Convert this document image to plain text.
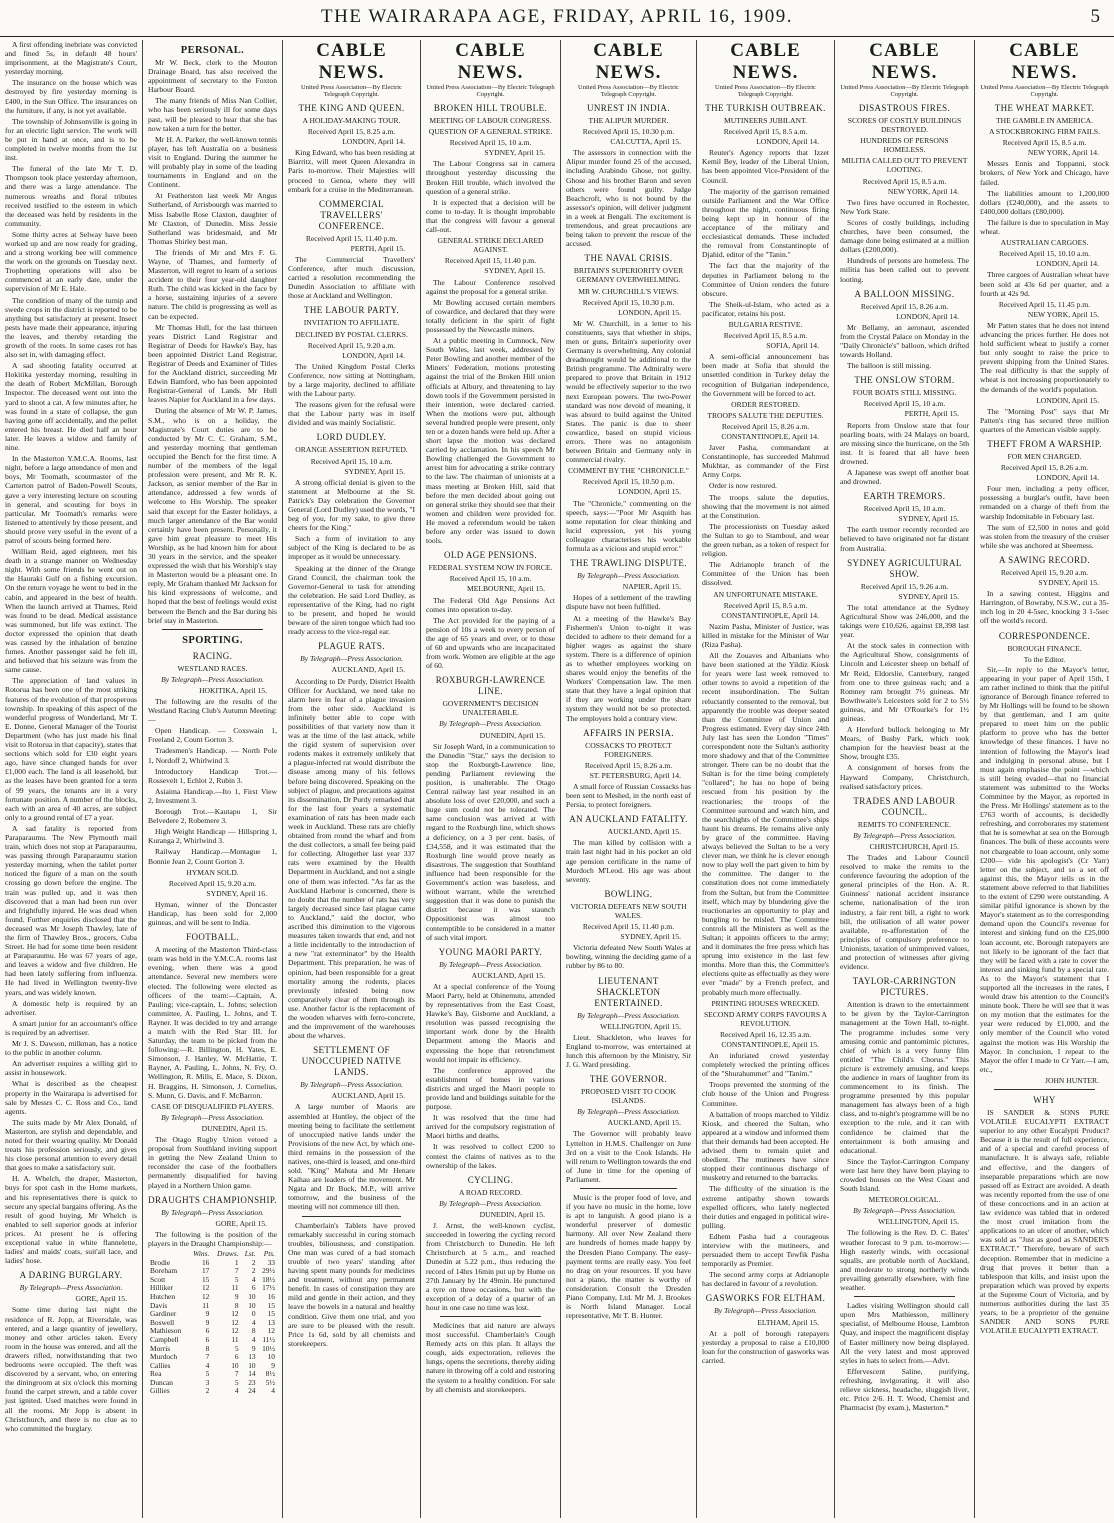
THE WAIRARAPA AGE, FRIDAY, APRIL 16, 1909.	5

A first offending inebriate was convicted and fined 5s, in default 48 hours' imprisonment, at the Magistrate's Court, yesterday morning.

The insurance on the house which was destroyed by fire yesterday morning is £400, in the Sun Office. The insurances on the furniture, if any, is not yet available.

The township of Johnsonville is going in for an electric light service. The work will be put in hand at once, and is to be completed in twelve months from the 1st inst.

The funeral of the late Mr T. D. Thompson took place yesterday afternoon, and there was a large attendance. The numerous wreaths and floral tributes received testified to the esteem in which the deceased was held by residents in the community.

Some thirty acres at Selway have been worked up and are now ready for grading, and a strong working bee will commence the work on the grounds on Tuesday next. Trophetting operations will also be commenced at an early date, under the supervision of Mr E. Hale.

The condition of many of the turnip and swede crops in the district is reported to be anything but satisfactory at present. Insect pests have made their appearance, injuring the leaves, and thereby retarding the growth of the roots. In some cases rot has also set in, with damaging effect.

A sad shooting fatality occurred at Hokitika yesterday morning, resulting in the death of Robert McMillan, Borough Inspector. The deceased went out into the yard to shoot a cat. A few minutes after, he was found in a state of collapse, the gun having gone off accidentally, and the pellet entered his breast. He died half an hour later. He leaves a widow and family of nine.

In the Masterton Y.M.C.A. Rooms, last night, before a large attendance of men and boys, Mr Toomath, scoutmaster of the Carterton patrol of Baden-Powell Scouts, gave a very interesting lecture on scouting in general, and scouting for boys in particular. Mr Toomath's remarks were listened to attentively by those present, and should prove very useful in the event of a patrol of scouts being formed here.

William Reid, aged eighteen, met his death in a strange manner on Wednesday night. With some friends he went out on the Hauraki Gulf on a fishing excursion. On the return voyage he went to bed in the cabin, and appeared in the best of health. When the launch arrived at Thames, Reid was found to be dead. Medical assistance was summoned, but life was extinct. The doctor expressed the opinion that death was caused by the inhalation of benzine fumes. Another passenger said he felt ill, and believed that his seizure was from the same cause.

The appreciation of land values in Rotorua has been one of the most striking features of the evolution of that prosperous township. In speaking of this aspect of the wonderful progress of Wonderland, Mr T. E. Donne, General Manager of the Tourist Department (who has just made his final visit to Rotorua in that capacity), states that sections which sold for £30 eight years ago, have since changed hands for over £1,000 each. The land is all leasehold, but as the leases have been granted for a term of 99 years, the tenants are in a very fortunate position. A number of the blocks, each with an area of 40 acres, are subject only to a ground rental of £7 a year.

A sad fatality is reported from Paraparaumu. The New Plymouth mail train, which does not stop at Paraparaumu, was passing through Paraparaumu station yesterday morning, when the tablet porter noticed the figure of a man on the south crossing go down before the engine. The train was pulled up, and it was then discovered that a man had been run over and frightfully injured. He was dead when found. Further enquiries disclosed that the deceased was Mr Joseph Thawley, late of the firm of Thawley Bros., grocers, Cuba Street. He had for some time been resident at Paraparaumu. He was 67 years of age, and leaves a widow and five children. He had been lately suffering from influenza. He had lived in Wellington twenty-five years, and was widely known.

A domestic help is required by an advertiser.

A smart junior for an accountant's office is required by an advertiser.

Mr J. S. Dawson, milkman, has a notice to the public in another column.

An advertiser requires a willing girl to assist in housework.

What is described as the cheapest property in the Wairarapa is advertised for sale by Messrs C. C. Ross and Co., land agents.

The suits made by Mr Alex Donald, of Masterton, are stylish and dependable, and noted for their wearing quality. Mr Donald treats his profession seriously, and gives his close personal attention to every detail that goes to make a satisfactory suit.

H. A. Whelch, the draper, Masterton, buys for spot cash in the Home markets, and his representatives there is quick to secure any special bargains offering. As the result of good buying, Mr Whelch is enabled to sell superior goods at inferior prices. At present he is offering exceptional value in white flannelette, ladies' and maids' coats, suit'all lace, and ladies' hose.

A DARING BURGLARY.
By Telegraph—Press Association.
GORE, April 15.

Some time during last night the residence of R. Jopp, at Riversdale, was entered, and a large quantity of jewellery, money and other articles taken. Every room in the house was entered, and all the drawers rifled, notwithstanding that two bedrooms were occupied. The theft was discovered by a servant, who, on entering the diningroom at six o'clock this morning found the carpet strewn, and a table cover just ignited. Used matches were found in all the rooms. Mr Jopp is absent in Christchurch, and there is no clue as to who committed the burglary.

PERSONAL.

Mr W. Beck, clerk to the Mouton Drainage Board, has also received the appointment of secretary to the Foxton Harbour Board.

The many friends of Miss Nan Collier, who has been seriously ill for some days past, will be pleased to hear that she has now taken a turn for the better.

Mr H. A. Parker, the well-known tennis player, has left Australia on a business visit to England. During the summer he will probably play in some of the leading tournaments in England and on the Continent.

At Featherston last week Mr Angus Sutherland, of Arrisbourgh was married to Miss Isabelle Rose Claxton, daughter of Mr Claxton, of Dunedin. Miss Jessie Sutherland was bridesmaid, and Mr Thomas Shirley best man.

The friends of Mr and Mrs F. G. Wayne, of Thames, and formerly of Masterton, will regret to learn of a serious accident to their four year-old daughter Ruth. The child was kicked in the face by a horse, sustaining injuries of a severe nature. The child is progressing as well as can be expected.

Mr Thomas Hull, for the last thirteen years District Land Registrar and Registrar of Deeds for Hawke's Bay, has been appointed District Land Registrar, Registrar of Deeds and Examiner of Titles for the Auckland district, succeeding Mr Edwin Bamford, who has been appointed Registrar-General of Lands. Mr Hull leaves Napier for Auckland in a few days.

During the absence of Mr W. P. James, S.M., who is on a holiday, the Magistrate's Court duties are to be conducted by Mr C. C. Graham, S.M., and yesterday morning that gentleman occupied the Bench for the first time. A number of the members of the legal profession were present, and Mr R. K. Jackson, as senior member of the Bar in attendance, addressed a few words of welcome to His Worship. The speaker said that except for the Easter holidays, a much larger attendance of the Bar would certainly have been present. Personally, it gave him great pleasure to meet His Worship, as he had known him for about 30 years in the service, and the speaker expressed the wish that his Worship's stay in Masterton would be a pleasant one. In reply, Mr Graham thanked Mr Jackson for his kind expressions of welcome, and hoped that the best of feelings would exist between the Bench and the Bar during his brief stay in Masterton.

SPORTING.
RACING.
WESTLAND RACES.
By Telegraph—Press Association.
HOKITIKA, April 15.

The following are the results of the Westland Racing Club's Autumn Meeting:—

Open Handicap. — Coxswain 1, Freeland 2, Count Gorton 3.

Tradesmen's Handicap. — North Pole 1, Nordoff 2, Whirlwind 3.

Introductory Handicap Trot.—Rossevelt 1, Echlot 2, Rubin 3.

Asiaima Handicap.—Ito 1, First View 2, Investment 3.

Borough Trot.—Kautapu 1, Sir Belvedere 2, Robemere 3.

High Weight Handicap — Hillspring 1, Kuranga 2, Whirlwind 3.

Railway Handicap.—Montague 1, Bonnie Jean 2, Count Gorton 3.

HYMAN SOLD.
Received April 15, 9.20 a.m.
SYDNEY, April 16.

Hyman, winner of the Doncaster Handicap, has been sold for 2,000 guineas, and will be sent to India.

FOOTBALL.

A meeting of the Masterton Third-class team was held in the Y.M.C.A. rooms last evening, when there was a good attendance. Several new members were elected. The following were elected as officers of the team:—Captain, A. Pauling; vice-captain, L. Johns; selection committee, A. Pauling, L. Johns, and T. Rayner. It was decided to try and arrange a match with the Red Star III. for Saturday, the team to be picked from the following:—R. Billington, H. Yates, E. Simonson, J. Hanley, W. McHattie, T. Rayner, A. Pauling, L. Johns, N. Fry, O. Wellington, R. Mills, E. Mace, S. Dixon, H. Braggins, H. Simonson, J. Cornelius, S. Munn, G. Davis, and F. McBarron.

CASE OF DISQUALIFIED PLAYERS.
By Telegraph—Press Association.
DUNEDIN, April 15.

The Otago Rugby Union vetoed a proposal from Southland inviting support in getting the New Zealand Union to reconsider the case of the footballers permanently disqualified for having played in a Northern Union game.

DRAUGHTS CHAMPIONSHIP.
By Telegraph—Press Association.
GORE, April 15.

The following is the position of the players in the Draught Championship:—

	Wins.	Draws.	Lst.	Pts.
Brodie	16	1	2	33
Boreham	17	7	2	29½
Scott	15	5	4	18½
Hilliker	12	11	6	17½
Hutchen	12	9	10	16
Davis	11	8	10	15
Gardiner	9	12	0	15
Boswell	9	12	4	13
Mathieson	6	12	8	12
Campbell	6	11	4	11½
Morris	8	5	9	10½
Murdoch	7	6	13	10
Callies	4	10	10	9
Rea	5	7	14	8½
Duncan	3	5	23	5½
Gillies	2	4	24	4
CABLE NEWS.
United Press Association—By Electric Telegraph Copyright.
THE KING AND QUEEN.
A HOLIDAY-MAKING TOUR.
Received April 15, 8.25 a.m.
LONDON, April 14.

King Edward, who has been residing at Biarritz, will meet Queen Alexandra in Paris to-morrow. Their Majesties will proceed to Genoa, where they will embark for a cruise in the Mediterranean.

COMMERCIAL TRAVELLERS' CONFERENCE.
Received April 15, 11.40 p.m.
PERTH, April 15.

The Commercial Travellers' Conference, after much discussion, carried a resolution recommending the Dunedin Association to affiliate with those at Auckland and Wellington.

THE LABOUR PARTY.
INVITATION TO AFFILIATE.
DECLINED BY POSTAL CLERKS.
Received April 15, 9.20 a.m.
LONDON, April 14.

The United Kingdom Postal Clerks Conference, now sitting at Nottingham, by a large majority, declined to affiliate with the Labour party.

The reasons given for the refusal were that the Labour party was in itself divided and was mainly Socialistic.

LORD DUDLEY.
ORANGE ASSERTION REFUTED.
Received April 15, 10 a.m.
SYDNEY, April 15.

A strong official denial is given to the statement at Melbourne at the St. Patrick's Day celebration the Governor General (Lord Dudley) used the words, "I beg of you, for my sake, to give three cheers for the King."

Such a form of invitation to any subject of the King is declared to be as improper as it would be unnecessary.

Speaking at the dinner of the Orange Grand Council, the chairman took the Governor-General to task for attending the celebration. He said Lord Dudley, as representative of the King, had no right to be present, and hoped he would beware of the siren tongue which had too ready access to the vice-regal ear.

PLAGUE RATS.
By Telegraph—Press Association.
AUCKLAND, April 15.

According to Dr Purdy, District Health Officer for Auckland, we need take no alarm here in fear of a plague invasion from the other side. Auckland is infinitely better able to cope with possibilities of that variety now than it was at the time of the last attack, while the rigid system of supervision over rodents makes it extremely unlikely that a plague-infected rat would distribute the disease among many of his fellows before being discovered. Speaking on the subject of plague, and precautions against its dissemination, Dr Purdy remarked that for the last four years a systematic examination of rats has been made each week in Auckland. These rats are chiefly obtained from round the wharf and from the dust collectors, a small fee being paid for collecting. Altogether last year 337 rats were examined by the Health Department in Auckland, and not a single one of them was infected. "As far as the Auckland Harbour is concerned, there is no doubt that the number of rats has very largely decreased since last plague came to Auckland," said the doctor, who ascribed this diminution to the vigorous measures taken towards that end, and not a little incidentally to the introduction of a new "rat exterminator" by the Health Department. This preparation, he was of opinion, had been responsible for a great mortality among the rodents, places previously infested being now comparatively clear of them through its use. Another factor is the replacement of the wooden wharves with ferro-concrete, and the improvement of the warehouses about the wharves.

SETTLEMENT OF UNOCCUPIED NATIVE LANDS.
By Telegraph—Press Association.
AUCKLAND, April 15.

A large number of Maoris are assembled at Huntley, the object of the meeting being to facilitate the settlement of unoccupied native lands under the Provisions of the new Act, by which one-third remains in the possession of the natives, one-third is leased, and one-third sold. "King" Mahuta and Mr Henare Kaihau are leaders of the movement. Mr Ngata and Dr Buck, M.P., will arrive tomorrow, and the business of the meeting will not commence till then.

Chamberlain's Tablets have proved remarkably successful in curing stomach troubles, biliousness, and constipation. One man was cured of a bad stomach trouble of two years' standing after having spent many pounds for medicines and treatment, without any permanent benefit. In cases of constipation they are mild and gentle in their action, and they leave the bowels in a natural and healthy condition. Give them one trial, and you are sure to be pleased with the result. Price 1s 6d, sold by all chemists and storekeepers.

CABLE NEWS.
United Press Association—By Electric Telegraph Copyright.
BROKEN HILL TROUBLE.
MEETING OF LABOUR CONGRESS.
QUESTION OF A GENERAL STRIKE.
Received April 15, 10 a.m.
SYDNEY, April 15.

The Labour Congress sat in camera throughout yesterday discussing the Broken Hill trouble, which involved the question of a general strike.

It is expected that a decision will be come to to-day. It is thought improbable that the congress will favour a general call-out.

GENERAL STRIKE DECLARED AGAINST.
Received April 15, 11.40 p.m.
SYDNEY, April 15.

The Labour Conference resolved against the proposal for a general strike.

Mr Bowling accused certain members of cowardice, and declared that they were totally deficient in the spirit of fight possessed by the Newcastle miners.

At a public meeting in Cumnock, New South Wales, last week, addressed by Peter Bowling and another member of the Miners' Federation, motions protesting against the trial of the Broken Hill union officials at Albury, and threatening to lay down tools if the Government persisted in their intention, were declared carried. When the motions were put, although several hundred people were present, only ten or a dozen hands were held up. After a short lapse the motion was declared carried by acclamation. In his speech Mr Bowling challenged the Government to arrest him for advocating a strike contrary to the law. The chairman of unionists at a mass meeting at Broken Hill, said that before the men decided about going out on general strike they should see that their women and children were provided for. He moved a referendum would be taken before any order was issued to down tools.

OLD AGE PENSIONS.
FEDERAL SYSTEM NOW IN FORCE.
Received April 15, 10 a.m.
MELBOURNE, April 15.

The Federal Old Age Pensions Act comes into operation to-day.

The Act provided for the paying of a pension of 10s a week to every person of the age of 65 years and over, or to those of 60 and upwards who are incapacitated from work. Women are eligible at the age of 60.

ROXBURGH-LAWRENCE LINE.
GOVERNMENT'S DECISION UNALTERABLE.
By Telegraph—Press Association.
DUNEDIN, April 15.

Sir Joseph Ward, in a communication to the Dunedin "Star," says the decision to stop the Roxburgh-Lawrence line, pending Parliament reviewing the position, is unalterable. The Otago Central railway last year resulted in an absolute loss of over £20,000, and such a huge sum could not be tolerated. The same conclusion was arrived at with regard to the Roxburgh line, which shows a deficiency, on a 3 per cent. basis, of £34,558, and it was estimated that the Roxburgh line would prove nearly as disastrous. The suggestion that Southland influence had been responsible for the Government's action was baseless, and without warrant, while the wretched suggestion that it was done to punish the district because it was staunch Oppositionist was almost too contemptible to be considered in a matter of such vital import.

YOUNG MAORI PARTY.
By Telegraph—Press Association.
AUCKLAND, April 15.

At a special conference of the Young Maori Party, held at Ohinemutu, attended by representatives from the East Coast, Hawke's Bay, Gisborne and Auckland, a resolution was passed recognising the important work done by the Health Department among the Maoris and expressing the hope that retrenchment would not impair its efficiency.

The conference approved the establishment of homes in various districts and urged the Maori people to provide land and buildings suitable for the purpose.

It was resolved that the time had arrived for the compulsory registration of Maori births and deaths.

It was resolved to collect £200 to contest the claims of natives as to the ownership of the lakes.

CYCLING.
A ROAD RECORD.
By Telegraph—Press Association.
DUNEDIN, April 15.

J. Arnst, the well-known cyclist, succeeded in lowering the cycling record from Christchurch to Dunedin. He left Christchurch at 5 a.m., and reached Dunedin at 5.22 p.m., thus reducing the record of 14hrs 16min put up by Hume on 27th January by 1hr 49min. He punctured a tyre on three occasions, but with the exception of a delay of a quarter of an hour in one case no time was lost.

Medicines that aid nature are always most successful. Chamberlain's Cough Remedy acts on this plan. It allays the cough, aids expectoration, relieves the lungs, opens the secretions, thereby aiding nature in throwing off a cold and restoring the system to a healthy condition. For sale by all chemists and storekeepers.

CABLE NEWS.
United Press Association—By Electric Telegraph Copyright.
UNREST IN INDIA.
THE ALIPUR MURDER.
Received April 15, 10.30 p.m.
CALCUTTA, April 15.

The assessors in connection with the Alipur murder found 25 of the accused, including Arabindo Ghose, not guilty. Ghose and his brother Baron and seven others were found guilty. Judge Beachcroft, who is not bound by the assessor's opinion, will deliver judgment in a week at Bengali. The excitement is tremendous, and great precautions are being taken to prevent the rescue of the accused.

THE NAVAL CRISIS.
BRITAIN'S SUPERIORITY OVER GERMANY OVERWHELMING.
MR W. CHURCHILL'S VIEWS.
Received April 15, 10.30 p.m.
LONDON, April 15.

Mr W. Churchill, in a letter to his constituents, says that whether in ships, men or guns, Britain's superiority over Germany is overwhelming. Any colonial dreadnought would be additional to the British programme. The Admiralty were prepared to prove that Britain in 1912 would be effectively superior to the two next European powers. The two-Power standard was now devoid of meaning, it was absurd to build against the United States. The panic is due to sheer cowardice, based on stupid vicious errors. There was no antagonism between Britain and Germany only in commercial rivalry.

COMMENT BY THE "CHRONICLE."
Received April 15, 10.50 p.m.
LONDON, April 15.

The "Chronicle," commenting on the speech, says:—"Poor Mr Asquith has some reputation for clear thinking and lucid expression, yet his young colleague characterises his workable formula as a vicious and stupid error."

THE TRAWLING DISPUTE.
By Telegraph—Press Association.
NAPIER, April 15.

Hopes of a settlement of the trawling dispute have not been fulfilled.

At a meeting of the Hawke's Bay Fishermen's Union to-night it was decided to adhere to their demand for a higher wages as against the share system. There is a difference of opinion as to whether employees working on shares would enjoy the benefits of the Workers' Compensation law. The men state that they have a legal opinion that if they are working under the share system they would not be so protected. The employers hold a contrary view.

AFFAIRS IN PERSIA.
COSSACKS TO PROTECT FOREIGNERS.
Received April 15, 8.26 a.m.
ST. PETERSBURG, April 14.

A small force of Russian Cossacks has been sent to Meshed, in the north east of Persia, to protect foreigners.

AN AUCKLAND FATALITY.
AUCKLAND, April 15.

The man killed by collision with a train last night had in his pocket an old age pension certificate in the name of Murdoch M'Leod. His age was about seventy.

BOWLING.
VICTORIA DEFEATS NEW SOUTH WALES.
Received April 15, 11.40 p.m.
SYDNEY, April 15.

Victoria defeated New South Wales at bowling, winning the deciding game of a rubber by 86 to 80.

LIEUTENANT SHACKLETON ENTERTAINED.
By Telegraph—Press Association.
WELLINGTON, April 15.

Lieut. Shackleton, who leaves for England to-morrow, was entertained at lunch this afternoon by the Ministry, Sir J. G. Ward presiding.

THE GOVERNOR.
PROPOSED VISIT TO COOK ISLANDS.
By Telegraph—Press Association.
AUCKLAND, April 15.

The Governor will probably leave Lyttelton in H.M.S. Challenger on June 3rd on a visit to the Cook Islands. He will return to Wellington towards the end of June in time for the opening of Parliament.

Music is the proper food of love, and if you have no music in the home, love is apt to languish. A good piano is a wonderful preserver of domestic harmony. All over New Zealand there are hundreds of homes made happy by the Dresden Piano Company. The easy-payment terms are really easy. You feel no drag on your resources. If you have not a piano, the matter is worthy of consideration. Consult the Dresden Piano Company, Ltd. Mr M. J. Brookes is North Island Manager. Local representative, Mr T. B. Hunter.

CABLE NEWS.
United Press Association—By Electric Telegraph Copyright.
THE TURKISH OUTBREAK.
MUTINEERS JUBILANT.
Received April 15, 8.5 a.m.
LONDON, April 14.

Reuter's Agency reports that Izzet Kemil Bey, leader of the Liberal Union, has been appointed Vice-President of the Council.

The majority of the garrison remained outside Parliament and the War Office throughout the night, continuous firing being kept up in honour of the acceptance of the military and ecclesiastical demands. These included the removal from Constantinople of Djahid, editor of the "Tanin."

The fact that the majority of the deputies in Parliament belong to the Committee of Union renders the future obscure.

The Sheik-ul-Islam, who acted as a pacificator, retains his post.

BULGARIA RESTIVE.
Received April 15, 8.5 a.m.
SOFIA, April 14.

A semi-official announcement has been made at Sofia that should the unsettled condition in Turkey delay the recognition of Bulgarian independence, the Government will be forced to act.

ORDER RESTORED.
TROOPS SALUTE THE DEPUTIES.
Received April 15, 8.26 a.m.
CONSTANTINOPLE, April 14.

Javer Pasha, commandant at Constantinople, has succeeded Mahmud Mukhtar, as commander of the First Army Corps.

Order is now restored.

The troops salute the deputies, showing that the movement is not aimed at the Constitution.

The processionists on Tuesday asked the Sultan to go to Stamboul, and wear the green turban, as a token of respect for religion.

The Adrianople branch of the Committee of the Union has been dissolved.

AN UNFORTUNATE MISTAKE.
Received April 15, 8.5 a.m.
CONSTANTINOPLE, April 14.

Nazim Pasha, Minister of Justice, was killed in mistake for the Minister of War (Riza Pasha).

All the Zouaves and Albanians who have been stationed at the Yildiz Kiosk for years were last week removed to other towns to avoid a repetition of the recent insubordination. The Sultan reluctantly consented to the removal, but apparently the trouble was deeper seated than the Committee of Union and Progress estimated. Every day since 24th July last has seen the London "Times" correspondent note the Sultan's authority more shadowy and that of the Committee stronger. There can be no doubt that the Sultan is for the time being completely "collared"; he has no hope of being rescued from his position by the reactionaries; the troops of the Committee surround and watch him, and the searchlights of the Committee's ships haunt his dreams. He remains alive only by grace of the committee. Having always believed the Sultan to be a very clever man, we think he is clever enough now to play well the part given to him by the committee. The danger to the constitution does not come immediately from the Sultan, but from the Committee itself, which may by blundering give the reactionaries an opportunity to play and bungling to be misled. The Committee controls all the Ministers as well as the Sultan; it appoints officers to the army; and it dominates the free press which has sprung into existence in the last few months. More than this, the Committee's elections quite as effectually as they were ever "made" by a French prefect, and probably much more effectually.

PRINTING HOUSES WRECKED.
SECOND ARMY CORPS FAVOURS A REVOLUTION.
Received April 16, 12.35 a.m.
CONSTANTINOPLE, April 15.

An infuriated crowd yesterday completely wrecked the printing offices of the "Shurahummet" and "Tanim."

Troops prevented the storming of the club house of the Union and Progress Committee.

A battalion of troops marched to Yildiz Kiosk, and cheered the Sultan, who appeared at a window and informed them that their demands had been accepted. He advised them to remain quiet and obedient. The mutineers have since stopped their continuous discharge of musketry and returned to the barracks.

The difficulty of the situation is the extreme antipathy shown towards expelled officers, who lately neglected their duties and engaged in political wire-pulling.

Edhem Pasha had a courageous interview with the mutineers, and persuaded them to accept Tewfik Pasha temporarily as Premier.

The second army corps at Adrianople has declared in favour of a revolution.

GASWORKS FOR ELTHAM.
By Telegraph—Press Association.
ELTHAM, April 15.

At a poll of borough ratepayers yesterday a proposal to raise a £10,000 loan for the construction of gasworks was carried.

CABLE NEWS.
United Press Association—By Electric Telegraph Copyright.
DISASTROUS FIRES.
SCORES OF COSTLY BUILDINGS DESTROYED.
HUNDREDS OF PERSONS HOMELESS.
MILITIA CALLED OUT TO PREVENT LOOTING.
Received April 15, 8.5 a.m.
NEW YORK, April 14.

Two fires have occurred in Rochester, New York State.

Scores of costly buildings, including churches, have been consumed, the damage done being estimated at a million dollars (£200,000).

Hundreds of persons are homeless. The militia has been called out to prevent looting.

A BALLOON MISSING.
Received April 15, 8.26 a.m.
LONDON, April 14.

Mr Bellamy, an aeronaut, ascended from the Crystal Palace on Monday in the "Daily Chronicle's" balloon, which drifted towards Holland.

The balloon is still missing.

THE ONSLOW STORM.
FOUR BOATS STILL MISSING.
Received April 15, 10 a.m.
PERTH, April 15.

Reports from Onslow state that four pearling boats, with 24 Malays on board, are missing since the hurricane, on the 5th inst. It is feared that all have been drowned.

A Japanese was swept off another boat and drowned.

EARTH TREMORS.
Received April 15, 10 a.m.
SYDNEY, April 15.

The earth tremor recently recorded are believed to have originated not far distant from Australia.

SYDNEY AGRICULTURAL SHOW.
Received April 15, 9.26 a.m.
SYDNEY, April 15.

The total attendance at the Sydney Agricultural Show was 246,000, and the takings were £10,626, against £8,398 last year.

At the stock sales in connection with the Agricultural Show, consignments of Lincoln and Leicester sheep on behalf of Mr Reid, Eldorslie, Canterbury, ranged from one to three guineas each; and a Romney ram brought 7½ guineas. Mr Bowthwaite's Leicesters sold for 2 to 5½ guineas, and Mr O'Rourke's for 1½ guineas.

A Hereford bullock belonging to Mr Mears, of Busby Park, which took champion for the heaviest beast at the Show, brought £35.

A consignment of horses from the Hayward Company, Christchurch, realised satisfactory prices.

TRADES AND LABOUR COUNCIL.
REMITS TO CONFERENCE.
By Telegraph—Press Association.
CHRISTCHURCH, April 15.

The Trades and Labour Council resolved to make the remits to the conference favouring the adoption of the general principles of the Hon. A. R. Guinness' national accident insurance scheme, nationalisation of the iron industry, a fair rent bill, a right to work bill, the utilisation of all water power available, re-afforestation of the principles of compulsory preference to Unionists, taxation of unimproved values, and protection of witnesses after giving evidence.

TAYLOR-CARRINGTON PICTURES.

Attention is drawn to the entertainment to be given by the Taylor-Carrington management at the Town Hall, to-night. The programme includes some very amusing comic and pantomimic pictures, chief of which is a very funny film entitled "The Child's Chorus." This picture is extremely amusing, and keeps the audience in roars of laughter from its commencement to its finish. The programme presented by this popular management has always been of a high class, and to-night's programme will be no exception to the rule, and it can with confidence be claimed that the entertainment is both amusing and educational.

Since the Taylor-Carrington Company were last here they have been playing to crowded houses on the West Coast and South Island.

METEOROLOGICAL.
By Telegraph—Press Association.
WELLINGTON, April 15.

The following is the Rev. D. C. Bates' weather forecast to 9 p.m. to-morrow:—High easterly winds, with occasional squalls, are probable north of Auckland, and moderate to strong northerly winds prevailing generally elsewhere, with fine weather.

Ladies visiting Wellington should call upon Mrs Mathiesson, millinery specialist, of Melbourne House, Lambton Quay, and inspect the magnificent display of Easter millinery now being displayed. All the very latest and most approved styles in hats to select from.—Advt.

Effervescent Saline, purifying, refreshing, invigorating, it will also relieve sickness, headache, sluggish liver, etc. Price 2/6. H. T. Wood, Chemist and Pharmacist (by exam.), Masterton.*

CABLE NEWS.
United Press Association—By Electric Telegraph Copyright.
THE WHEAT MARKET.
THE GAMBLE IN AMERICA.
A STOCKBROKING FIRM FAILS.
Received April 15, 8.5 a.m.
NEW YORK, April 14.

Messrs Ennis and Toppanni, stock brokers, of New York and Chicago, have failed.

The liabilities amount to 1,200,000 dollars (£240,000), and the assets to £400,000 dollars (£80,000).

The failure is due to speculation in May wheat.

AUSTRALIAN CARGOES.
Received April 15, 10.10 a.m.
LONDON, April 14.

Three cargoes of Australian wheat have been sold at 43s 6d per quarter, and a fourth at 42s 9d.

Received April 15, 11.45 p.m.
NEW YORK, April 15.

Mr Patten states that he does not intend advancing the prices further. He does not hold sufficient wheat to justify a corner but only sought to raise the price to prevent shipping from the United States. The real difficulty is that the supply of wheat is not increasing proportionately to the demands of the world's population.

LONDON, April 15.

The "Morning Post" says that Mr Patten's ring has secured three million quarters of the American visible supply.

THEFT FROM A WARSHIP.
FOR MEN CHARGED.
Received April 15, 8.26 a.m.
LONDON, April 14.

Four men, including a petty officer, possessing a burglar's outfit, have been remanded on a charge of theft from the warship Indomitable in February last.

The sum of £2,500 in notes and gold was stolen from the treasury of the cruiser while she was anchored at Sheerness.

A SAWING RECORD.
Received April 15, 9.20 a.m.
SYDNEY, April 15.

In a sawing contest, Higgins and Harrington, of Bowraby, N.S.W., cut a 35-inch log in 20 4-5sec, knocking 3 1-5sec off the world's record.

CORRESPONDENCE.
BOROUGH FINANCE.
To the Editor.

Sir,—In reply to the Mayor's letter, appearing in your paper of April 15th, I am rather inclined to think that the pitiful ignorance of Borough finance referred to by Mr Hollings will be found to be shown by that gentleman, and I am quite prepared to meet him on the public platform to prove who has the better knowledge of these finances. I have no intention of following the Mayor's lead and indulging in personal abuse, but I must again emphasise the point —which is still being evaded—that no financial statement was submitted to the Works Committee by the Mayor, as reported in the Press. Mr Hollings' statement as to the £763 worth of accounts, is decidedly refreshing, and corroborates my statement that he is somewhat at sea on the Borough finances. The bulk of these accounts were not chargeable to loan account, only some £200— vide his apologist's (Cr Yarr) letter on the subject, and so a set off against this, the Mayor tells us in the statement above referred to that liabilities to the extent of £290 were outstanding. A similar pitiful ignorance is shown by the Mayor's statement as to the corresponding demand upon the Council's revenue for interest and sinking fund on the £25,000 loan account, etc. Borough ratepayers are not likely to be ignorant of the fact that they will be faced with a rate to cover the interest and sinking fund by a special rate. As to the Mayor's statement that I supported all the increases in the rates, I would draw his attention to the Council's minute book. There he will see that it was on my motion that the estimates for the year were reduced by £1,000, and the only member of the Council who voted against the motion was His Worship the Mayor. In conclusion, I repeat to the Mayor the offer I made to Cr Yarr.—I am, etc.,

JOHN HUNTER.
WHY

IS SANDER & SONS PURE VOLATILE EUCALYPTI EXTRACT superior to any other Eucalypti Product? Because it is the result of full experience, and of a special and careful process of manufacture. It is always safe, reliable and effective, and the dangers of inseparable preparations which are now passed off as Extract are avoided. A death was recently reported from the use of one of these concoctions and in an action at law evidence was tabled that in ordered the most cruel imitation from the applications to an ulcer of another, which was sold as "Just as good as SANDER'S EXTRACT." Therefore, beware of such deception. Remember that in medicine a drug that proves it better than a tablespoon that kills, and insist upon the preparation which was proved by experts at the Supreme Court of Victoria, and by numerous authorities during the last 35 years, to be a proprietor of the genuine SANDER AND SONS PURE VOLATILE EUCALYPTI EXTRACT.
